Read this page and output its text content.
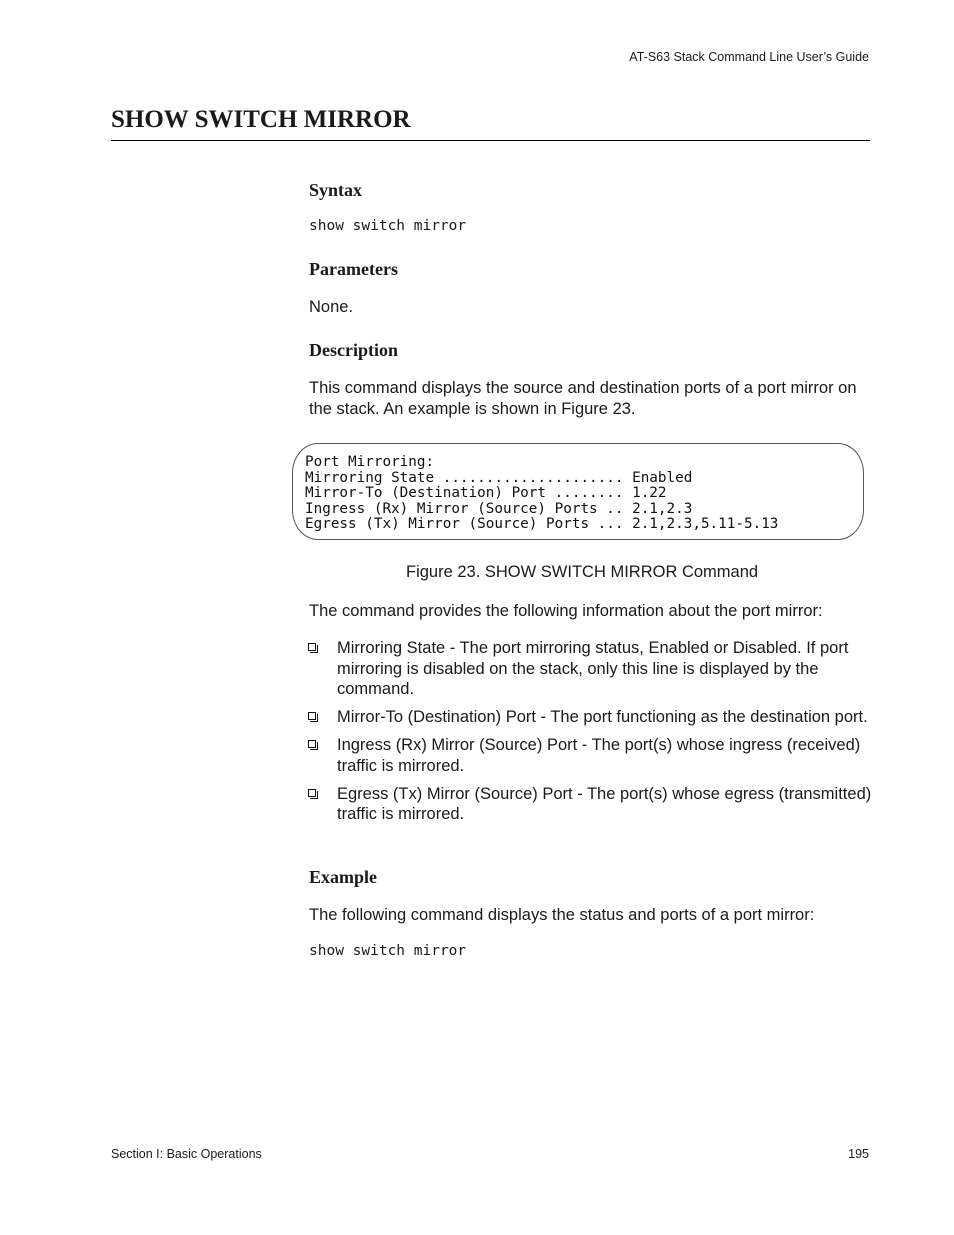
AT-S63 Stack Command Line User’s Guide
SHOW SWITCH MIRROR
Syntax
show switch mirror
Parameters
None.
Description
This command displays the source and destination ports of a port mirror on the stack. An example is shown in Figure 23.
Port Mirroring:
Mirroring State ..................... Enabled
Mirror-To (Destination) Port ........ 1.22
Ingress (Rx) Mirror (Source) Ports .. 2.1,2.3
Egress (Tx) Mirror (Source) Ports ... 2.1,2.3,5.11-5.13
Figure 23. SHOW SWITCH MIRROR Command
The command provides the following information about the port mirror:
Mirroring State - The port mirroring status, Enabled or Disabled. If port mirroring is disabled on the stack, only this line is displayed by the command.
Mirror-To (Destination) Port - The port functioning as the destination port.
Ingress (Rx) Mirror (Source) Port - The port(s) whose ingress (received) traffic is mirrored.
Egress (Tx) Mirror (Source) Port - The port(s) whose egress (transmitted) traffic is mirrored.
Example
The following command displays the status and ports of a port mirror:
show switch mirror
Section I: Basic Operations	195
